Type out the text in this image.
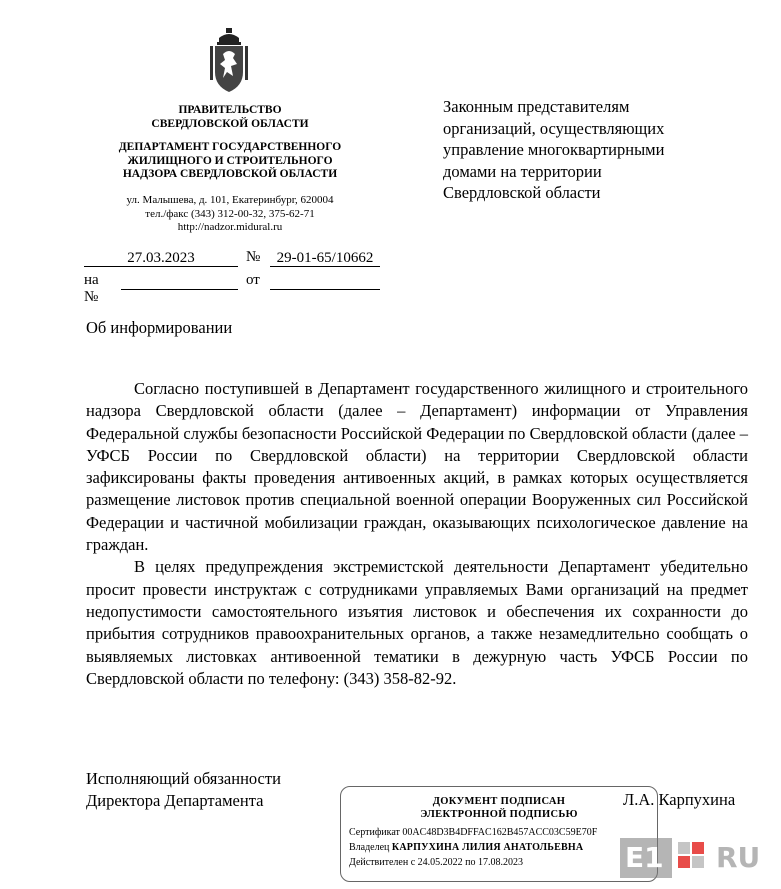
ПРАВИТЕЛЬСТВО
СВЕРДЛОВСКОЙ ОБЛАСТИ
ДЕПАРТАМЕНТ ГОСУДАРСТВЕННОГО
ЖИЛИЩНОГО И СТРОИТЕЛЬНОГО
НАДЗОРА СВЕРДЛОВСКОЙ ОБЛАСТИ
ул. Малышева, д. 101, Екатеринбург, 620004
тел./факс (343) 312-00-32, 375-62-71
http://nadzor.midural.ru
Законным представителям
организаций, осуществляющих
управление многоквартирными
домами на территории
Свердловской области
27.03.2023	№	29-01-65/10662
на №
от
Об информировании

Согласно поступившей в Департамент государственного жилищного и строительного надзора Свердловской области (далее – Департамент) информации от Управления Федеральной службы безопасности Российской Федерации по Свердловской области (далее – УФСБ России по Свердловской области) на территории Свердловской области зафиксированы факты проведения антивоенных акций, в рамках которых осуществляется размещение листовок против специальной военной операции Вооруженных сил Российской Федерации и частичной мобилизации граждан, оказывающих психологическое давление на граждан.

В целях предупреждения экстремистской деятельности Департамент убедительно просит провести инструктаж с сотрудниками управляемых Вами организаций на предмет недопустимости самостоятельного изъятия листовок и обеспечения их сохранности до прибытия сотрудников правоохранительных органов, а также незамедлительно сообщать о выявляемых листовках антивоенной тематики в дежурную часть УФСБ России по Свердловской области по телефону: (343) 358-82-92.

Исполняющий обязанности
Директора Департамента	Л.А. Карпухина
ДОКУМЕНТ ПОДПИСАН
ЭЛЕКТРОННОЙ ПОДПИСЬЮ
Сертификат 00AC48D3B4DFFAC162B457ACC03C59E70F
Владелец КАРПУХИНА ЛИЛИЯ АНАТОЛЬЕВНА
Действителен с 24.05.2022 по 17.08.2023	E1 RU
